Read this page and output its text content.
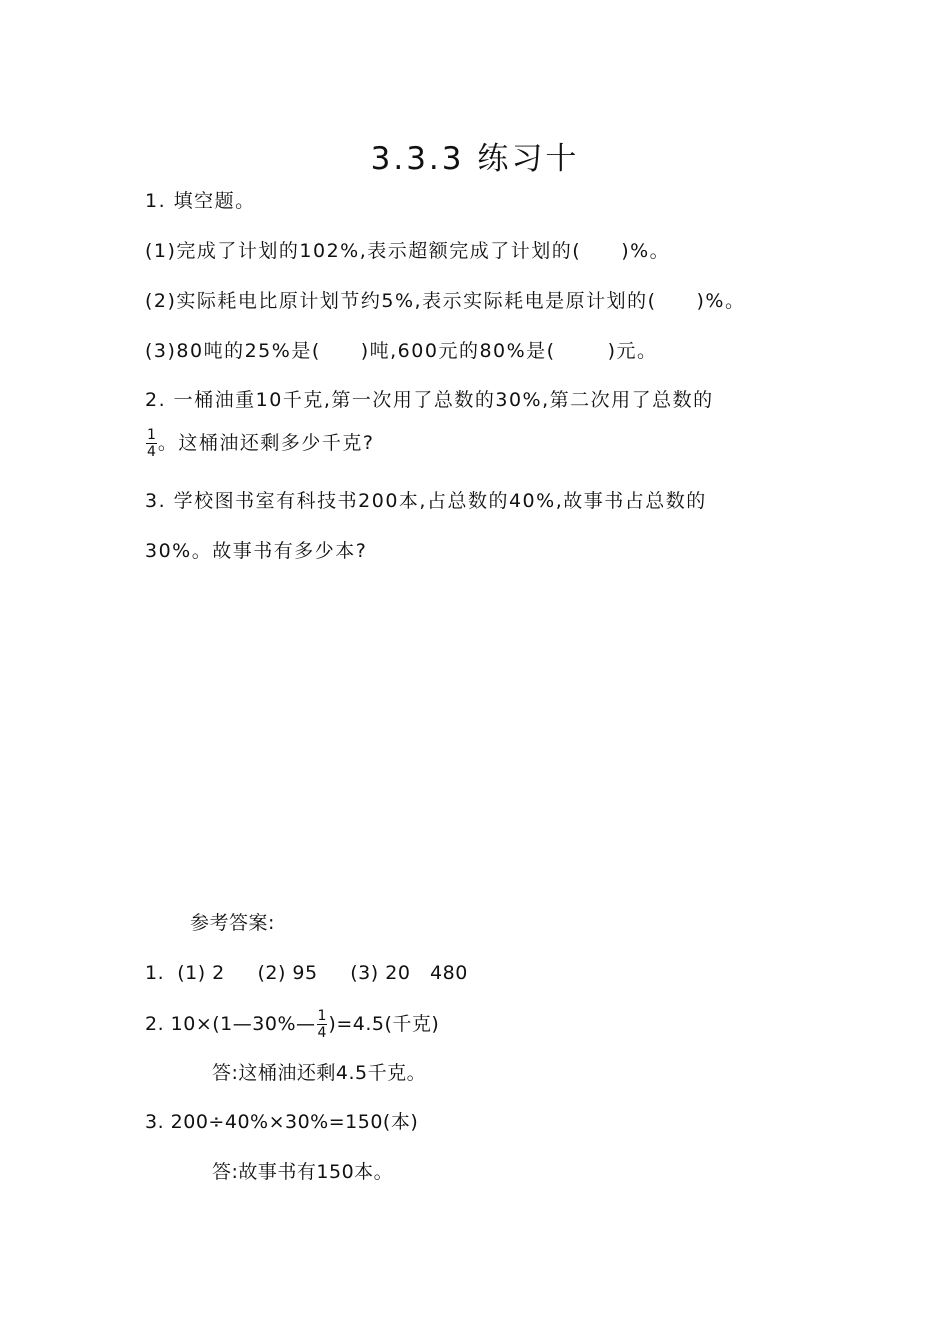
3.3.3 练习十
1. 填空题。
(1)完成了计划的102%,表示超额完成了计划的( )%。
(2)实际耗电比原计划节约5%,表示实际耗电是原计划的( )%。
(3)80吨的25%是( )吨,600元的80%是(	)元。
2. 一桶油重10千克,第一次用了总数的30%,第二次用了总数的
$\frac{1}{4}$ 。这桶油还剩多少千克?
3. 学校图书室有科技书200本,占总数的40%,故事书占总数的
30%。故事书有多少本?
参考答案:
1.  (1) 2     (2) 95     (3) 20   480
2. 10×(1—30%— $\frac{1}{4} )=4.5$(千克)
答:这桶油还剩4.5千克。
3. 200÷40%×30%=150(本)
答:故事书有150本。
